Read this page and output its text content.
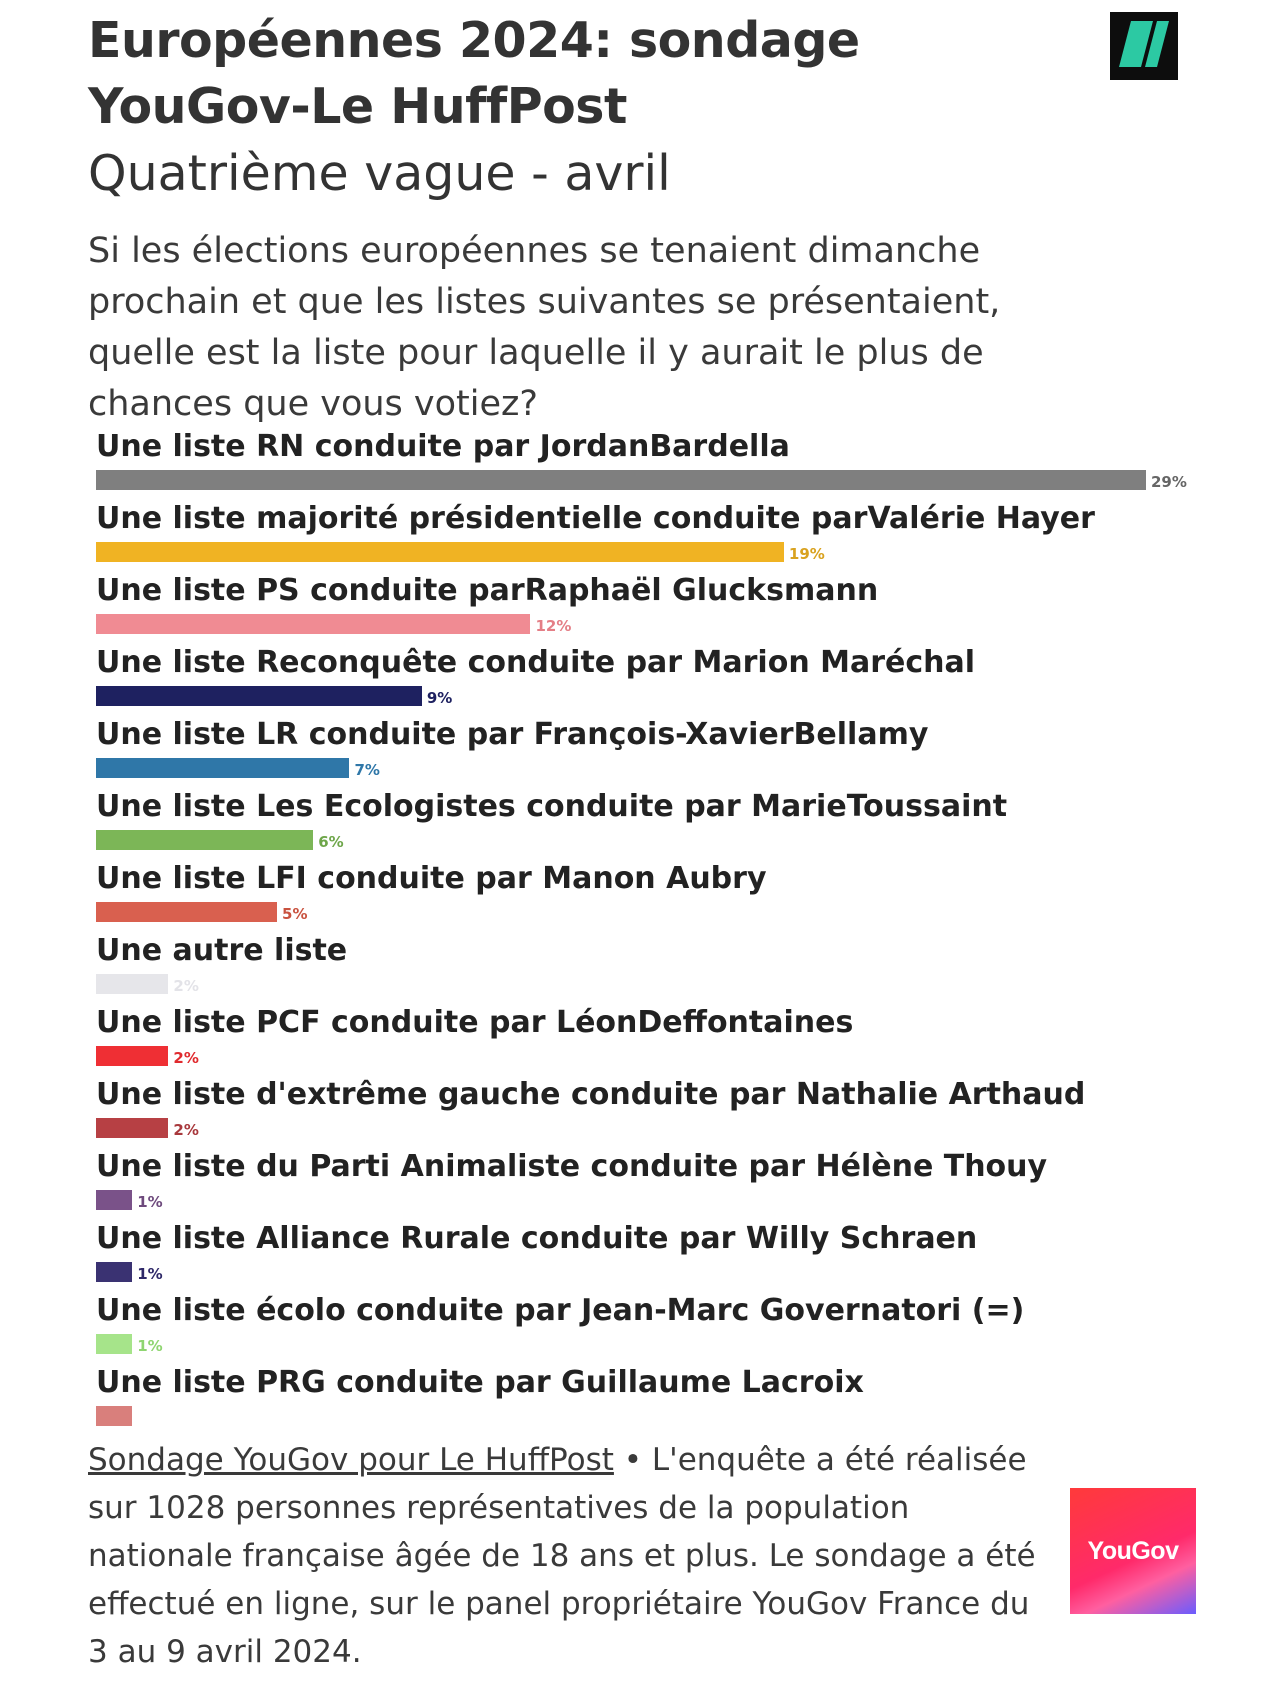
Européennes 2024: sondage YouGov-Le HuffPost
Quatrième vague - avril
Si les élections européennes se tenaient dimanche prochain et que les listes suivantes se présentaient, quelle est la liste pour laquelle il y aurait le plus de chances que vous votiez?
Une liste RN conduite par JordanBardella
29%
Une liste majorité présidentielle conduite parValérie Hayer
19%
Une liste PS conduite parRaphaël Glucksmann
12%
Une liste Reconquête conduite par Marion Maréchal
9%
Une liste LR conduite par François-XavierBellamy
7%
Une liste Les Ecologistes conduite par MarieToussaint
6%
Une liste LFI conduite par Manon Aubry
5%
Une autre liste
2%
Une liste PCF conduite par LéonDeffontaines
2%
Une liste d'extrême gauche conduite par Nathalie Arthaud
2%
Une liste du Parti Animaliste conduite par Hélène Thouy
1%
Une liste Alliance Rurale conduite par Willy Schraen
1%
Une liste écolo conduite par Jean-Marc Governatori (=)
1%
Une liste PRG conduite par Guillaume Lacroix

Sondage YouGov pour Le HuffPost • L'enquête a été réalisée sur 1028 personnes représentatives de la population nationale française âgée de 18 ans et plus. Le sondage a été effectué en ligne, sur le panel propriétaire YouGov France du 3 au 9 avril 2024.

YouGov
